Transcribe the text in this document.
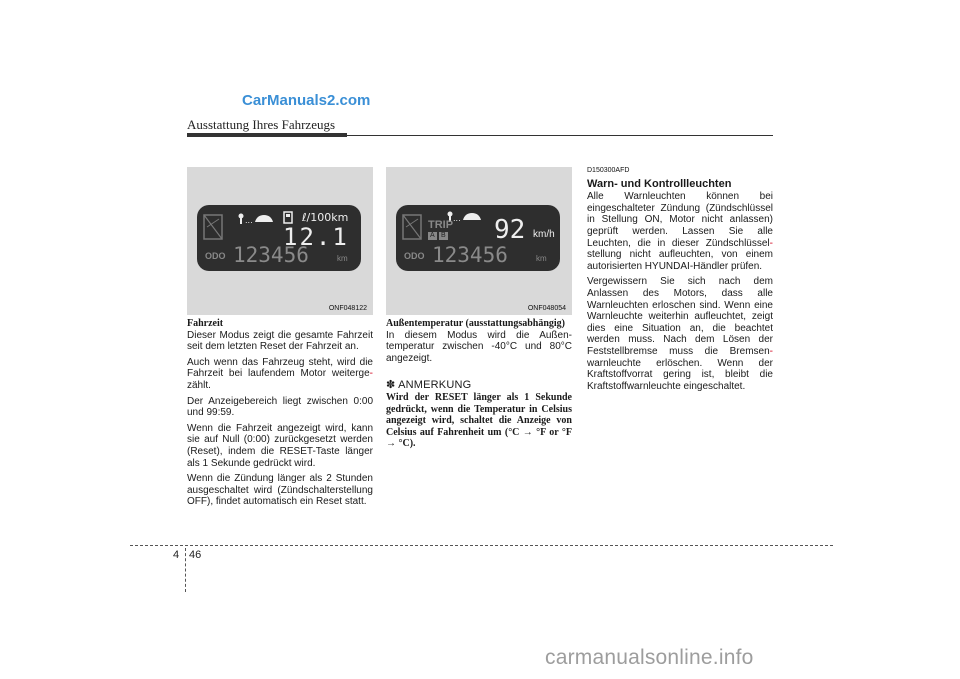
CarManuals2.com
Ausstattung Ihres Fahrzeugs
...	ℓ/100km
12.1
ODO 123456	km
ONF048122
...
TRIP
A B 92 km/h
ODO 123456	km
ONF048054

Fahrzeit

Dieser Modus zeigt die gesamte Fahrzeit seit dem letzten Reset der Fahrzeit an.

Auch wenn das Fahrzeug steht, wird die Fahrzeit bei laufendem Motor weiterge- zählt.

Der Anzeigebereich liegt zwischen 0:00 und 99:59.

Wenn die Fahrzeit angezeigt wird, kann sie auf Null (0:00) zurückgesetzt werden (Reset), indem die RESET-Taste länger als 1 Sekunde gedrückt wird.

Wenn die Zündung länger als 2 Stunden ausgeschaltet wird (Zündschalterstellung OFF), findet automatisch ein Reset statt.

Außentemperatur (ausstattungsabhängig)

In diesem Modus wird die Außen-temperatur zwischen -40°C und 80°C angezeigt.

✽ ANMERKUNG
Wird der RESET länger als 1 Sekunde gedrückt, wenn die Temperatur in Celsius angezeigt wird, schaltet die Anzeige von Celsius auf Fahrenheit um (°C → °F or °F → °C).
D150300AFD
Warn- und Kontrollleuchten

Alle Warnleuchten können bei eingeschalteter Zündung (Zündschlüssel in Stellung ON, Motor nicht anlassen) geprüft werden. Lassen Sie alle Leuchten, die in dieser Zündschlüssel- stellung nicht aufleuchten, von einem autorisierten HYUNDAI-Händler prüfen.

Vergewissern Sie sich nach dem Anlassen des Motors, dass alle Warnleuchten erloschen sind. Wenn eine Warnleuchte weiterhin aufleuchtet, zeigt dies eine Situation an, die beachtet werden muss. Nach dem Lösen der Feststellbremse muss die Bremsen- warnleuchte erlöschen. Wenn der Kraftstoffvorrat gering ist, bleibt die Kraftstoffwarnleuchte eingeschaltet.

4 46
carmanualsonline.info
